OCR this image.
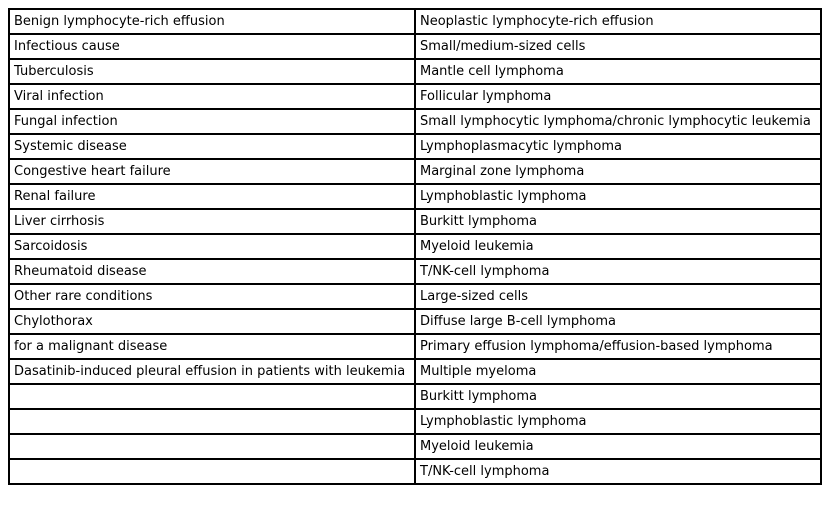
Benign lymphocyte-rich effusion	Neoplastic lymphocyte-rich effusion
Infectious cause	Small/medium-sized cells
Tuberculosis	Mantle cell lymphoma
Viral infection	Follicular lymphoma
Fungal infection	Small lymphocytic lymphoma/chronic lymphocytic leukemia
Systemic disease	Lymphoplasmacytic lymphoma
Congestive heart failure	Marginal zone lymphoma
Renal failure	Lymphoblastic lymphoma
Liver cirrhosis	Burkitt lymphoma
Sarcoidosis	Myeloid leukemia
Rheumatoid disease	T/NK-cell lymphoma
Other rare conditions	Large-sized cells
Chylothorax	Diffuse large B-cell lymphoma
for a malignant disease	Primary effusion lymphoma/effusion-based lymphoma
Dasatinib-induced pleural effusion in patients with leukemia	Multiple myeloma
	Burkitt lymphoma
	Lymphoblastic lymphoma
	Myeloid leukemia
	T/NK-cell lymphoma
